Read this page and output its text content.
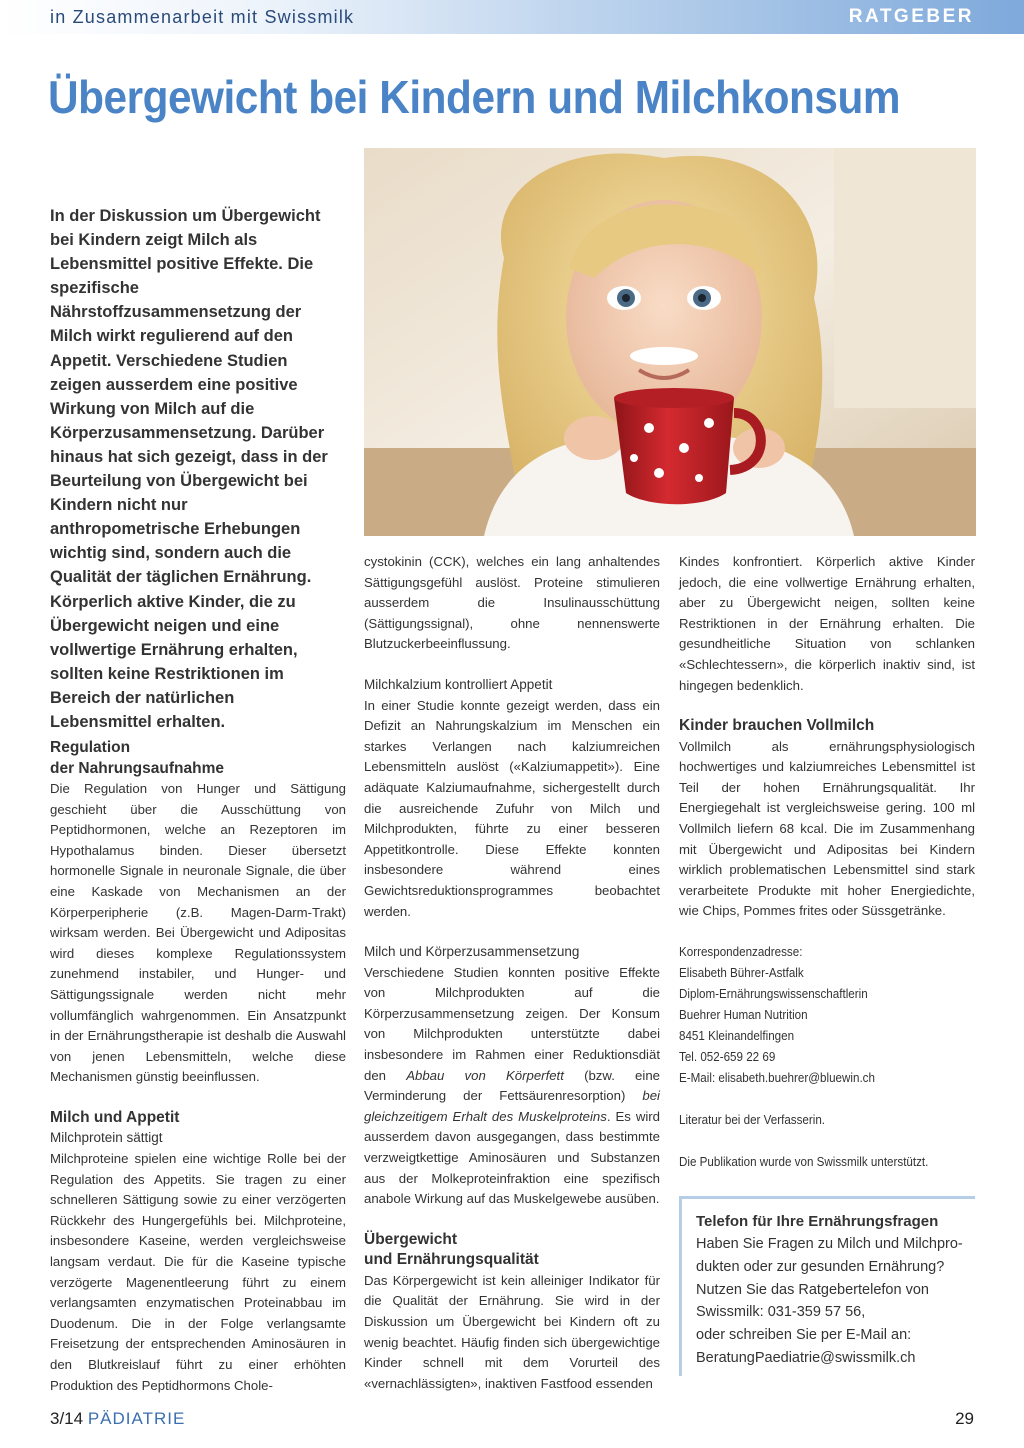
in Zusammenarbeit mit Swissmilk	RATGEBER
Übergewicht bei Kindern und Milchkonsum
In der Diskussion um Übergewicht bei Kindern zeigt Milch als Lebensmittel positive Effekte. Die spezifische Nährstoffzusammensetzung der Milch wirkt regulierend auf den Appetit. Verschiedene Studien zeigen ausserdem eine positive Wirkung von Milch auf die Körperzusammensetzung. Darüber hinaus hat sich gezeigt, dass in der Beurteilung von Übergewicht bei Kindern nicht nur anthropometrische Erhebungen wichtig sind, sondern auch die Qualität der täglichen Ernährung. Körperlich aktive Kinder, die zu Übergewicht neigen und eine vollwertige Ernährung erhalten, sollten keine Restriktionen im Bereich der natürlichen Lebensmittel erhalten.
Regulation
der Nahrungsaufnahme
Die Regulation von Hunger und Sättigung geschieht über die Ausschüttung von Peptidhormonen, welche an Rezeptoren im Hypothalamus binden. Dieser übersetzt hormonelle Signale in neuronale Signale, die über eine Kaskade von Mechanismen an der Körperperipherie (z.B. Magen-Darm-Trakt) wirksam werden. Bei Übergewicht und Adipositas wird dieses komplexe Regulationssystem zunehmend instabiler, und Hunger- und Sättigungssignale werden nicht mehr vollumfänglich wahrgenommen. Ein Ansatzpunkt in der Ernährungstherapie ist deshalb die Auswahl von jenen Lebensmitteln, welche diese Mechanismen günstig beeinflussen.
Milch und Appetit
Milchprotein sättigt
Milchproteine spielen eine wichtige Rolle bei der Regulation des Appetits. Sie tragen zu einer schnelleren Sättigung sowie zu einer verzögerten Rückkehr des Hungergefühls bei. Milchproteine, insbesondere Kaseine, werden vergleichsweise langsam verdaut. Die für die Kaseine typische verzögerte Magenentleerung führt zu einem verlangsamten enzymatischen Proteinabbau im Duodenum. Die in der Folge verlangsamte Freisetzung der entsprechenden Aminosäuren in den Blutkreislauf führt zu einer erhöhten Produktion des Peptidhormons Chole-
cystokinin (CCK), welches ein lang anhaltendes Sättigungsgefühl auslöst. Proteine stimulieren ausserdem die Insulinausschüttung (Sättigungssignal), ohne nennenswerte Blutzuckerbeeinflussung.
Milchkalzium kontrolliert Appetit
In einer Studie konnte gezeigt werden, dass ein Defizit an Nahrungskalzium im Menschen ein starkes Verlangen nach kalziumreichen Lebensmitteln auslöst («Kalziumappetit»). Eine adäquate Kalziumaufnahme, sichergestellt durch die ausreichende Zufuhr von Milch und Milchprodukten, führte zu einer besseren Appetitkontrolle. Diese Effekte konnten insbesondere während eines Gewichtsreduktionsprogrammes beobachtet werden.
Milch und Körperzusammensetzung
Verschiedene Studien konnten positive Effekte von Milchprodukten auf die Körperzusammensetzung zeigen. Der Konsum von Milchprodukten unterstützte dabei insbesondere im Rahmen einer Reduktionsdiät den Abbau von Körperfett (bzw. eine Verminderung der Fettsäurenresorption) bei gleichzeitigem Erhalt des Muskelproteins. Es wird ausserdem davon ausgegangen, dass bestimmte verzweigtkettige Aminosäuren und Substanzen aus der Molkeproteinfraktion eine spezifisch anabole Wirkung auf das Muskelgewebe ausüben.
Übergewicht
und Ernährungsqualität
Das Körpergewicht ist kein alleiniger Indikator für die Qualität der Ernährung. Sie wird in der Diskussion um Übergewicht bei Kindern oft zu wenig beachtet. Häufig finden sich übergewichtige Kinder schnell mit dem Vorurteil des «vernachlässigten», inaktiven Fastfood essenden
Kindes konfrontiert. Körperlich aktive Kinder jedoch, die eine vollwertige Ernährung erhalten, aber zu Übergewicht neigen, sollten keine Restriktionen in der Ernährung erhalten. Die gesundheitliche Situation von schlanken «Schlechtessern», die körperlich inaktiv sind, ist hingegen bedenklich.
Kinder brauchen Vollmilch
Vollmilch als ernährungsphysiologisch hochwertiges und kalziumreiches Lebensmittel ist Teil der hohen Ernährungsqualität. Ihr Energiegehalt ist vergleichsweise gering. 100 ml Vollmilch liefern 68 kcal. Die im Zusammenhang mit Übergewicht und Adipositas bei Kindern wirklich problematischen Lebensmittel sind stark verarbeitete Produkte mit hoher Energiedichte, wie Chips, Pommes frites oder Süssgetränke.
Korrespondenzadresse:
Elisabeth Bührer-Astfalk
Diplom-Ernährungswissenschaftlerin
Buehrer Human Nutrition
8451 Kleinandelfingen
Tel. 052-659 22 69
E-Mail: elisabeth.buehrer@bluewin.ch
Literatur bei der Verfasserin.
Die Publikation wurde von Swissmilk unterstützt.
Telefon für Ihre Ernährungsfragen
Haben Sie Fragen zu Milch und Milchpro-
dukten oder zur gesunden Ernährung?
Nutzen Sie das Ratgebertelefon von
Swissmilk: 031-359 57 56,
oder schreiben Sie per E-Mail an:
BeratungPaediatrie@swissmilk.ch
3/14 PÄDIATRIE	29
